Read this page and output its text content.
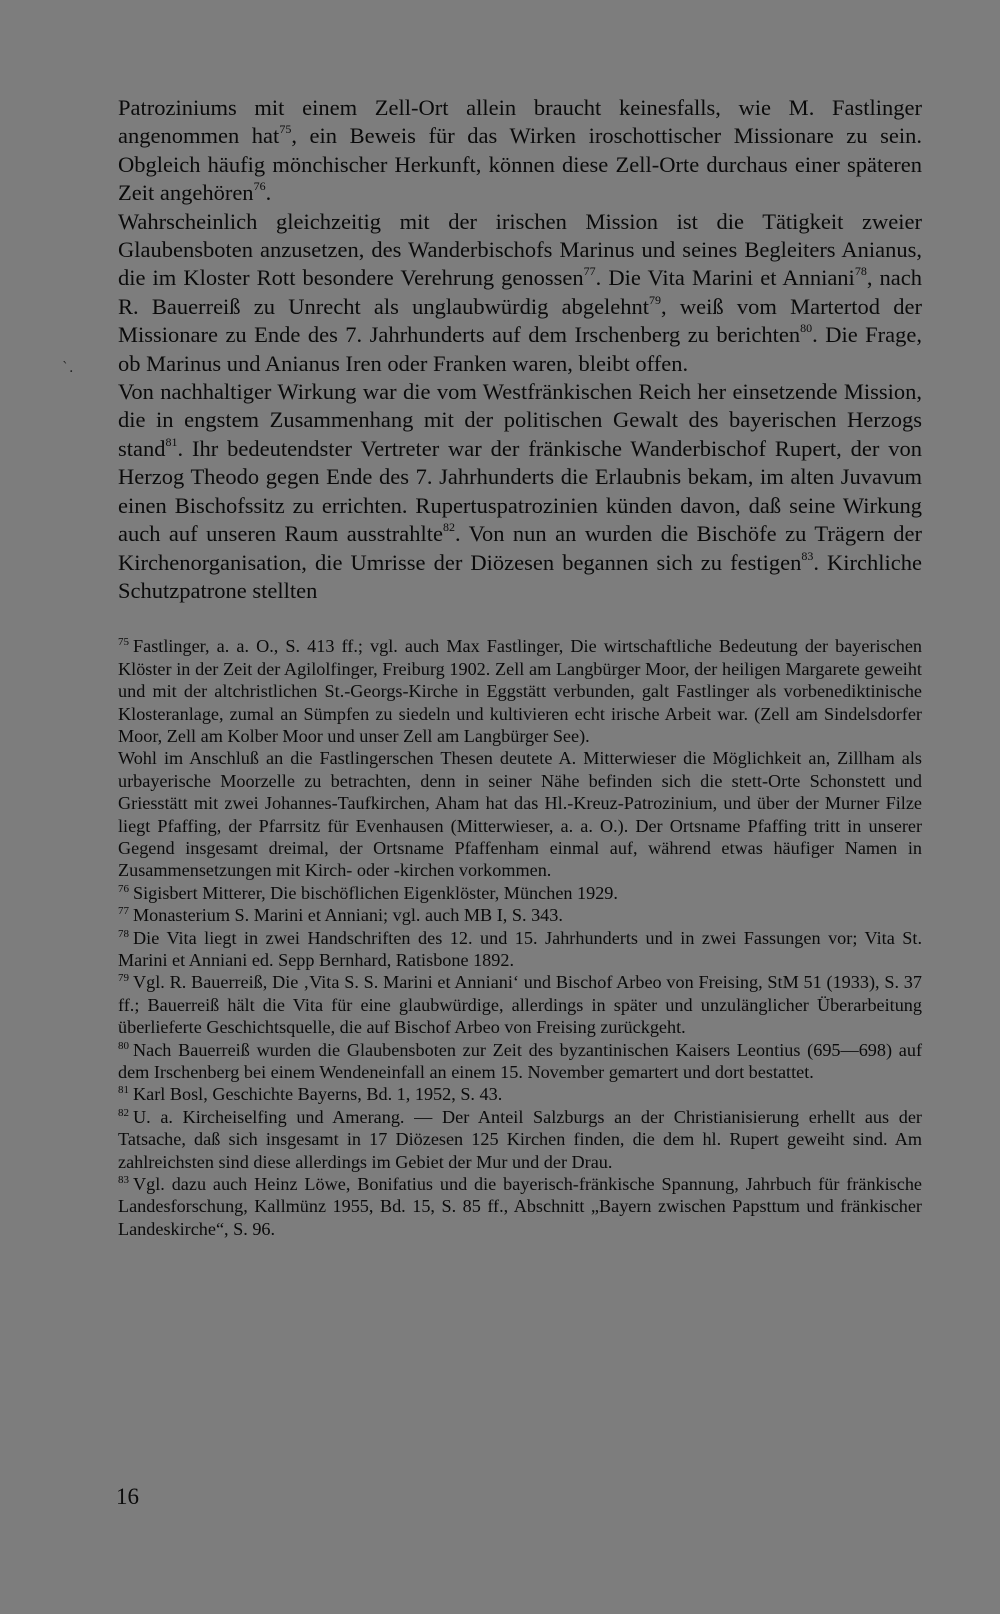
Patroziniums mit einem Zell-Ort allein braucht keinesfalls, wie M. Fastlinger angenommen hat$^{75}$, ein Beweis für das Wirken iroschottischer Missionare zu sein. Obgleich häufig mönchischer Herkunft, können diese Zell-Orte durchaus einer späteren Zeit angehören$^{76}$.

Wahrscheinlich gleichzeitig mit der irischen Mission ist die Tätigkeit zweier Glaubensboten anzusetzen, des Wanderbischofs Marinus und seines Begleiters Anianus, die im Kloster Rott besondere Verehrung genossen$^{77}$. Die Vita Marini et Anniani$^{78}$, nach R. Bauerreiß zu Unrecht als unglaubwürdig abgelehnt$^{79}$, weiß vom Martertod der Missionare zu Ende des 7. Jahrhunderts auf dem Irschenberg zu berichten$^{80}$. Die Frage, ob Marinus und Anianus Iren oder Franken waren, bleibt offen.

Von nachhaltiger Wirkung war die vom Westfränkischen Reich her einsetzende Mission, die in engstem Zusammenhang mit der politischen Gewalt des bayerischen Herzogs stand$^{81}$. Ihr bedeutendster Vertreter war der fränkische Wanderbischof Rupert, der von Herzog Theodo gegen Ende des 7. Jahrhunderts die Erlaubnis bekam, im alten Juvavum einen Bischofssitz zu errichten. Rupertuspatrozinien künden davon, daß seine Wirkung auch auf unseren Raum ausstrahlte$^{82}$. Von nun an wurden die Bischöfe zu Trägern der Kirchenorganisation, die Umrisse der Diözesen begannen sich zu festigen$^{83}$. Kirchliche Schutzpatrone stellten

$^{75}$ Fastlinger, a. a. O., S. 413 ff.; vgl. auch Max Fastlinger, Die wirtschaftliche Bedeutung der bayerischen Klöster in der Zeit der Agilolfinger, Freiburg 1902. Zell am Langbürger Moor, der heiligen Margarete geweiht und mit der altchristlichen St.-Georgs-Kirche in Eggstätt verbunden, galt Fastlinger als vorbenediktinische Klosteranlage, zumal an Sümpfen zu siedeln und kultivieren echt irische Arbeit war. (Zell am Sindelsdorfer Moor, Zell am Kolber Moor und unser Zell am Langbürger See).

Wohl im Anschluß an die Fastlingerschen Thesen deutete A. Mitterwieser die Möglichkeit an, Zillham als urbayerische Moorzelle zu betrachten, denn in seiner Nähe befinden sich die stett-Orte Schonstett und Griesstätt mit zwei Johannes-Taufkirchen, Aham hat das Hl.-Kreuz-Patrozinium, und über der Murner Filze liegt Pfaffing, der Pfarrsitz für Evenhausen (Mitterwieser, a. a. O.). Der Ortsname Pfaffing tritt in unserer Gegend insgesamt dreimal, der Ortsname Pfaffenham einmal auf, während etwas häufiger Namen in Zusammensetzungen mit Kirch- oder -kirchen vorkommen.

$^{76}$ Sigisbert Mitterer, Die bischöflichen Eigenklöster, München 1929.

$^{77}$ Monasterium S. Marini et Anniani; vgl. auch MB I, S. 343.

$^{78}$ Die Vita liegt in zwei Handschriften des 12. und 15. Jahrhunderts und in zwei Fassungen vor; Vita St. Marini et Anniani ed. Sepp Bernhard, Ratisbone 1892.

$^{79}$ Vgl. R. Bauerreiß, Die ‚Vita S. S. Marini et Anniani‘ und Bischof Arbeo von Freising, StM 51 (1933), S. 37 ff.; Bauerreiß hält die Vita für eine glaubwürdige, allerdings in später und unzulänglicher Überarbeitung überlieferte Geschichtsquelle, die auf Bischof Arbeo von Freising zurückgeht.

$^{80}$ Nach Bauerreiß wurden die Glaubensboten zur Zeit des byzantinischen Kaisers Leontius (695—698) auf dem Irschenberg bei einem Wendeneinfall an einem 15. November gemartert und dort bestattet.

$^{81}$ Karl Bosl, Geschichte Bayerns, Bd. 1, 1952, S. 43.

$^{82}$ U. a. Kircheiselfing und Amerang. — Der Anteil Salzburgs an der Christianisierung erhellt aus der Tatsache, daß sich insgesamt in 17 Diözesen 125 Kirchen finden, die dem hl. Rupert geweiht sind. Am zahlreichsten sind diese allerdings im Gebiet der Mur und der Drau.

$^{83}$ Vgl. dazu auch Heinz Löwe, Bonifatius und die bayerisch-fränkische Spannung, Jahrbuch für fränkische Landesforschung, Kallmünz 1955, Bd. 15, S. 85 ff., Abschnitt „Bayern zwischen Papsttum und fränkischer Landeskirche“, S. 96.

`.
16
